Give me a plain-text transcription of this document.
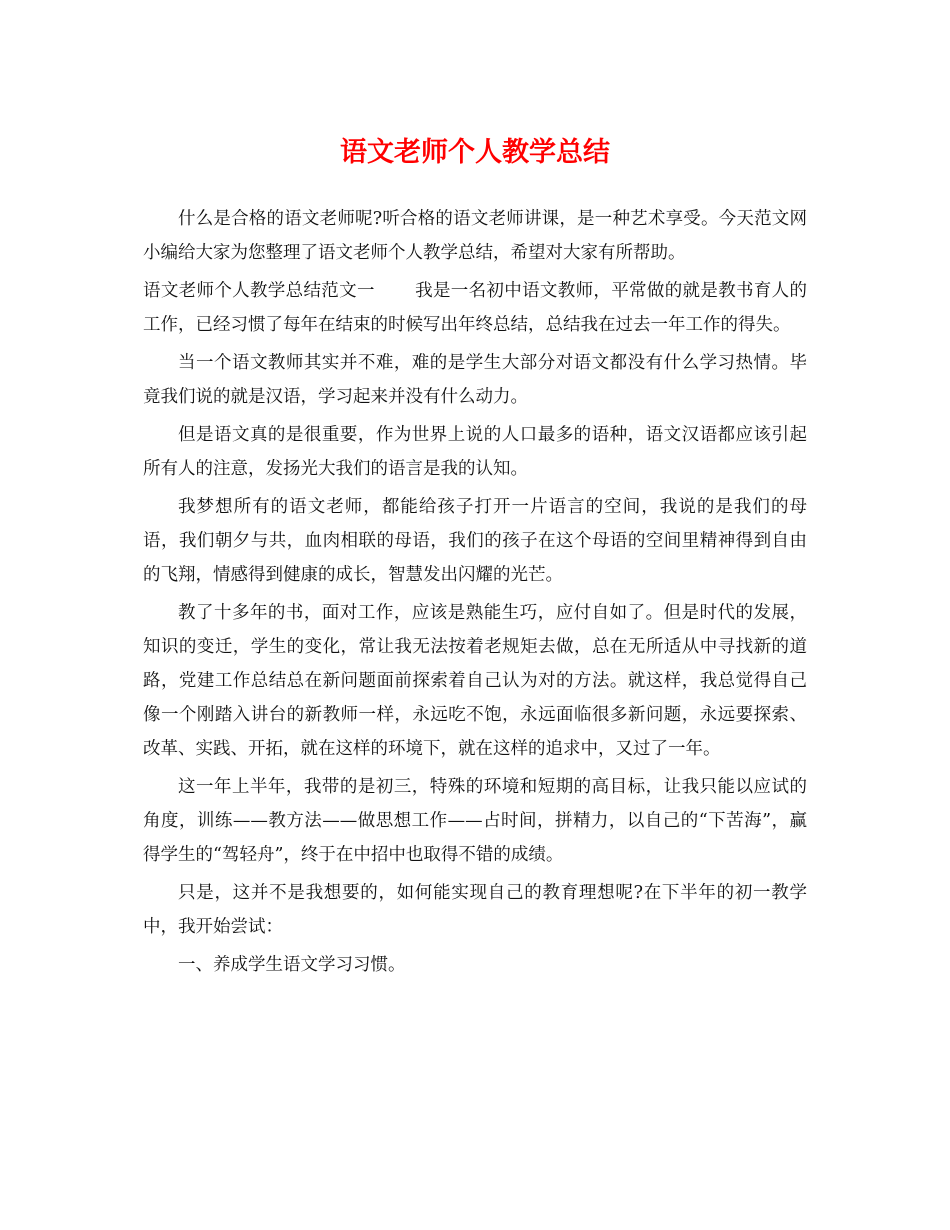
语文老师个人教学总结

什么是合格的语文老师呢?听合格的语文老师讲课，是一种艺术享受。今天范文网小编给大家为您整理了语文老师个人教学总结，希望对大家有所帮助。

语文老师个人教学总结范文一 我是一名初中语文教师，平常做的就是教书育人的工作，已经习惯了每年在结束的时候写出年终总结，总结我在过去一年工作的得失。

当一个语文教师其实并不难，难的是学生大部分对语文都没有什么学习热情。毕竟我们说的就是汉语，学习起来并没有什么动力。

但是语文真的是很重要，作为世界上说的人口最多的语种，语文汉语都应该引起所有人的注意，发扬光大我们的语言是我的认知。

我梦想所有的语文老师，都能给孩子打开一片语言的空间，我说的是我们的母语，我们朝夕与共，血肉相联的母语，我们的孩子在这个母语的空间里精神得到自由的飞翔，情感得到健康的成长，智慧发出闪耀的光芒。

教了十多年的书，面对工作，应该是熟能生巧，应付自如了。但是时代的发展，知识的变迁，学生的变化，常让我无法按着老规矩去做，总在无所适从中寻找新的道路，党建工作总结总在新问题面前探索着自己认为对的方法。就这样，我总觉得自己像一个刚踏入讲台的新教师一样，永远吃不饱，永远面临很多新问题，永远要探索、改革、实践、开拓，就在这样的环境下，就在这样的追求中，又过了一年。

这一年上半年，我带的是初三，特殊的环境和短期的高目标，让我只能以应试的角度，训练——教方法——做思想工作——占时间，拼精力，以自己的“下苦海”，赢得学生的“驾轻舟”，终于在中招中也取得不错的成绩。

只是，这并不是我想要的，如何能实现自己的教育理想呢?在下半年的初一教学中，我开始尝试：

一、养成学生语文学习习惯。
